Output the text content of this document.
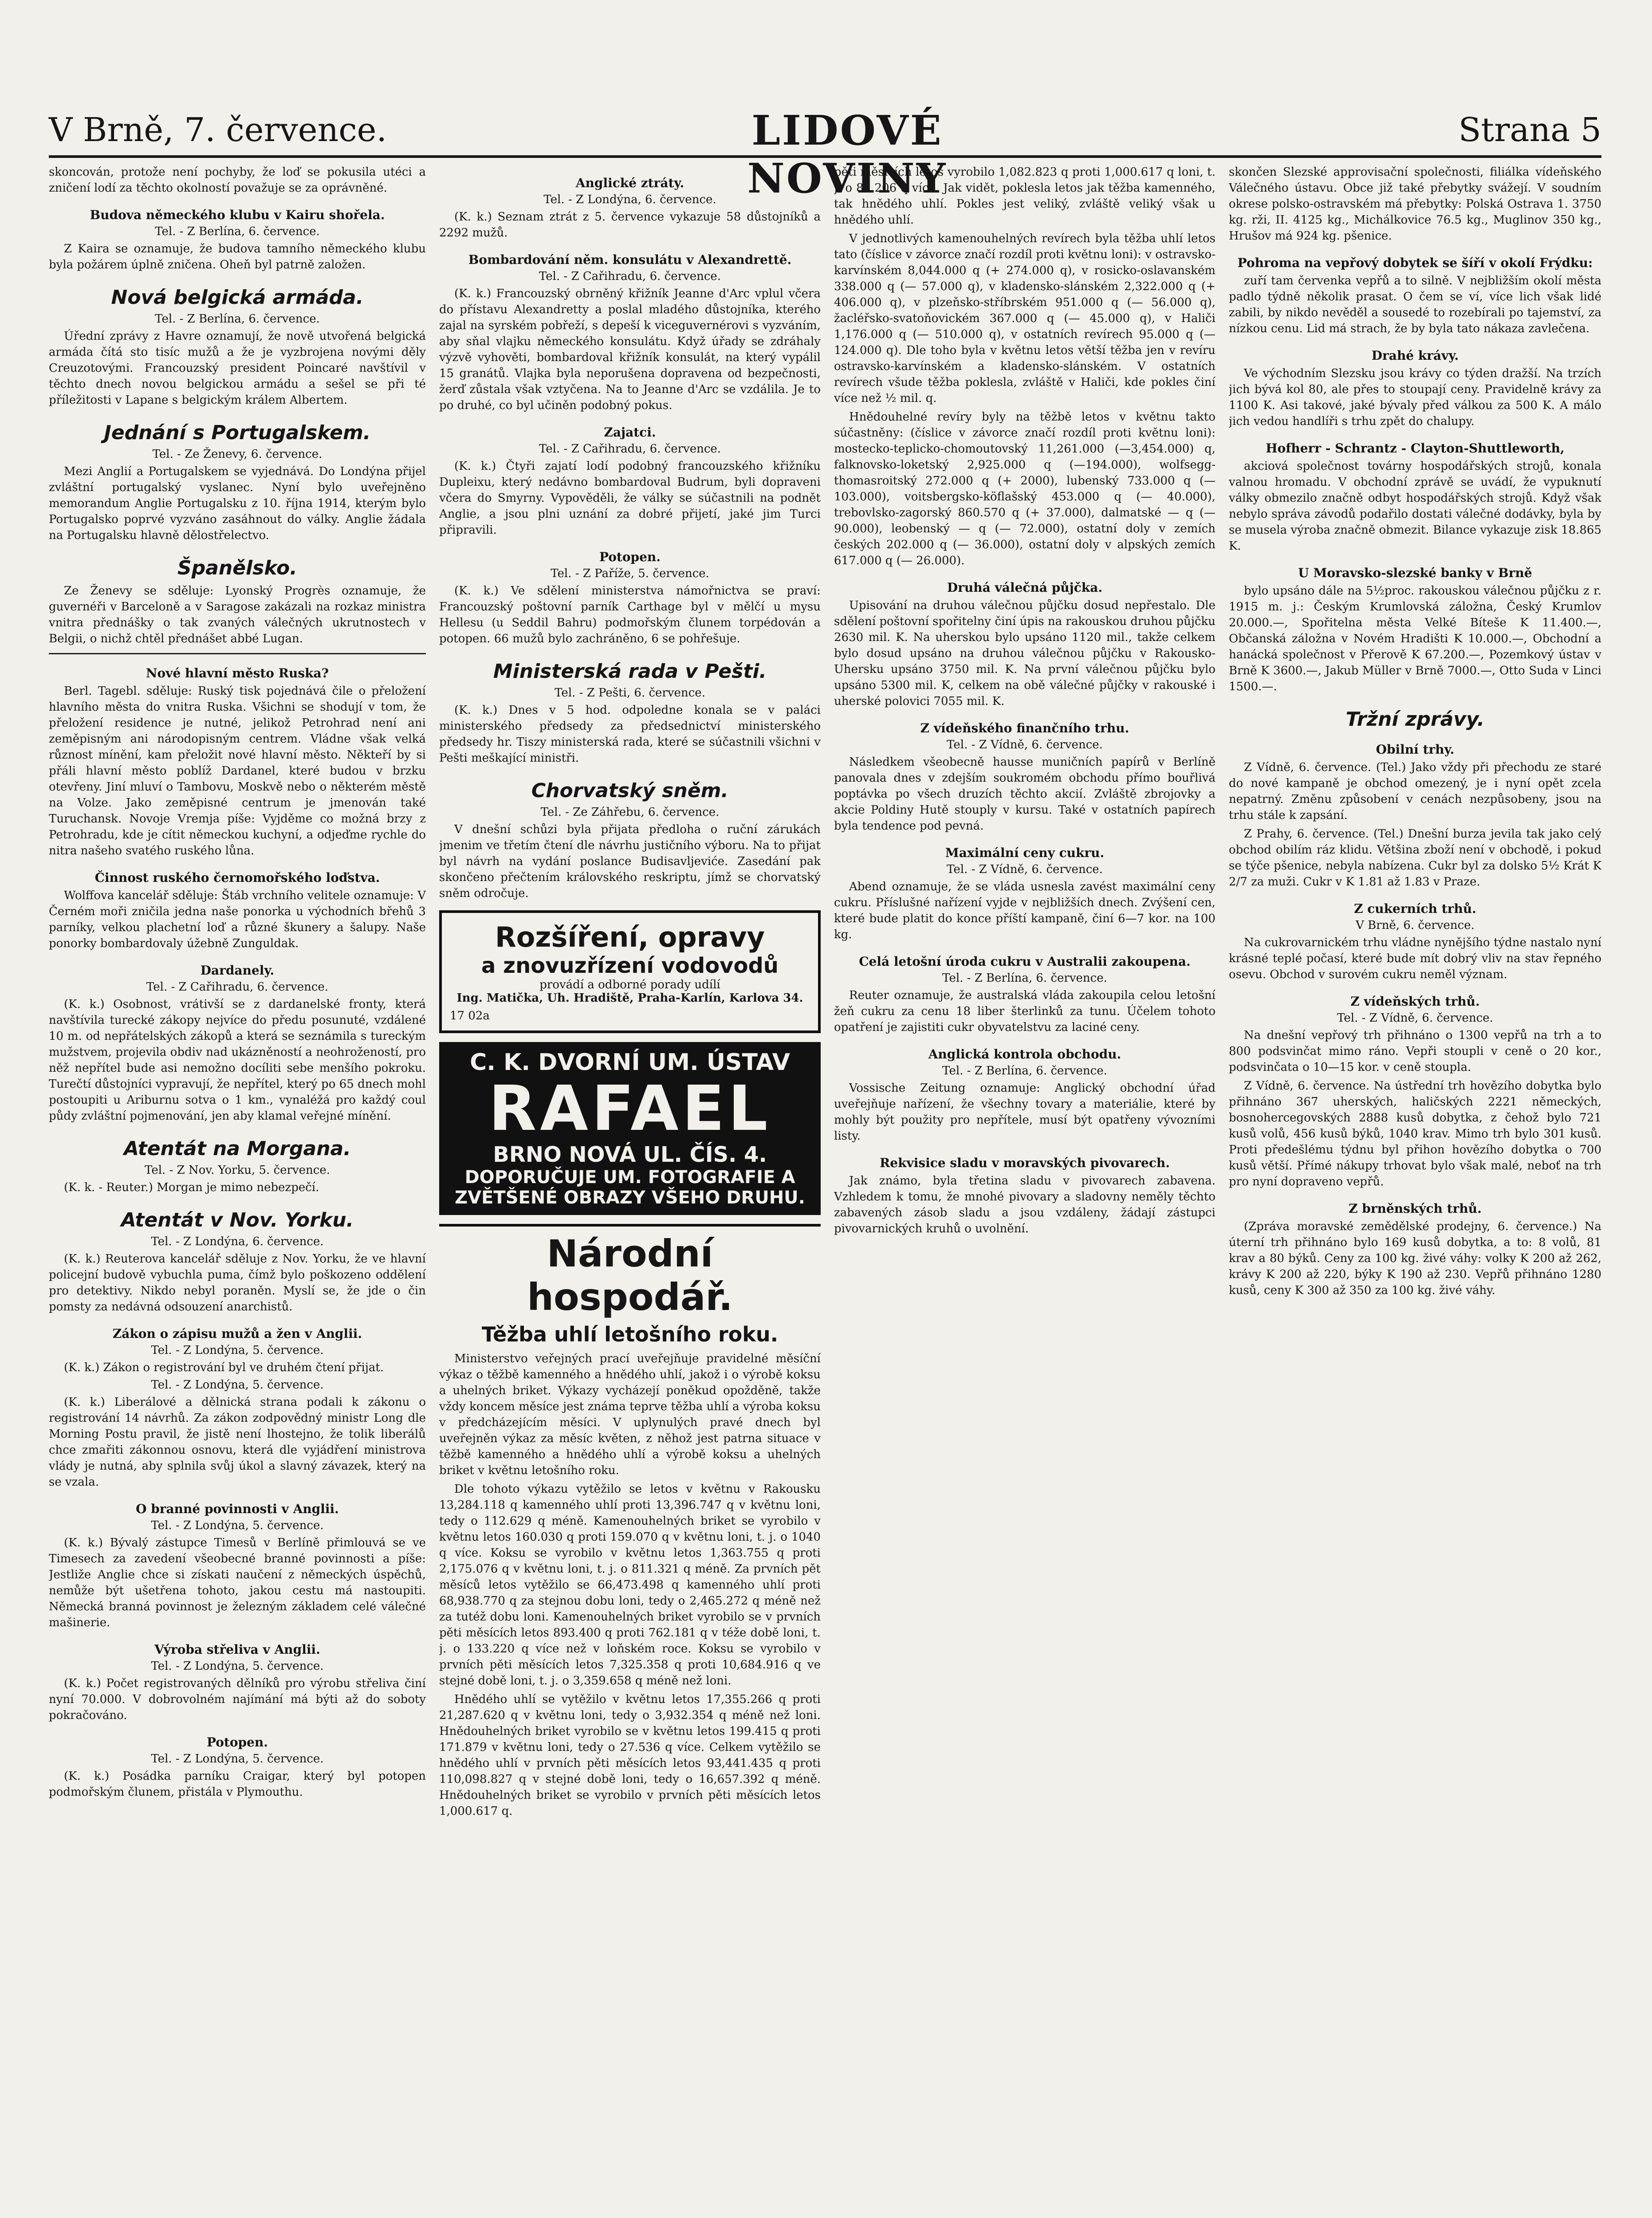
V Brně, 7. července.	LIDOVÉ NOVINY
Strana 5

skoncován, protože není pochyby, že loď se pokusila utéci a zničení lodí za těchto okolností považuje se za oprávněné.

Budova německého klubu v Kairu shořela.
Tel. - Z Berlína, 6. července.

Z Kaira se oznamuje, že budova tamního německého klubu byla požárem úplně zničena. Oheň byl patrně založen.

Nová belgická armáda.
Tel. - Z Berlína, 6. července.

Úřední zprávy z Havre oznamují, že nově utvořená belgická armáda čítá sto tisíc mužů a že je vyzbrojena novými děly Creuzotovými. Francouzský president Poincaré navštívil v těchto dnech novou belgickou armádu a sešel se při té příležitosti v Lapane s belgickým králem Albertem.

Jednání s Portugalskem.
Tel. - Ze Ženevy, 6. července.

Mezi Anglií a Portugalskem se vyjednává. Do Londýna přijel zvláštní portugalský vyslanec. Nyní bylo uveřejněno memorandum Anglie Portugalsku z 10. října 1914, kterým bylo Portugalsko poprvé vyzváno zasáhnout do války. Anglie žádala na Portugalsku hlavně dělostřelectvo.

Španělsko.

Ze Ženevy se sděluje: Lyonský Progrès oznamuje, že guvernéři v Barceloně a v Saragose zakázali na rozkaz ministra vnitra přednášky o tak zvaných válečných ukrutnostech v Belgii, o nichž chtěl přednášet abbé Lugan.

Nové hlavní město Ruska?

Berl. Tagebl. sděluje: Ruský tisk pojednává čile o přeložení hlavního města do vnitra Ruska. Všichni se shodují v tom, že přeložení residence je nutné, jelikož Petrohrad není ani zeměpisným ani národopisným centrem. Vládne však velká různost mínění, kam přeložit nové hlavní město. Někteří by si přáli hlavní město poblíž Dardanel, které budou v brzku otevřeny. Jiní mluví o Tambovu, Moskvě nebo o některém městě na Volze. Jako zeměpisné centrum je jmenován také Turuchansk. Novoje Vremja píše: Vyjděme co možná brzy z Petrohradu, kde je cítit německou kuchyní, a odjeďme rychle do nitra našeho svatého ruského lůna.

Činnost ruského černomořského loďstva.

Wolffova kancelář sděluje: Štáb vrchního velitele oznamuje: V Černém moři zničila jedna naše ponorka u východních břehů 3 parníky, velkou plachetní loď a různé škunery a šalupy. Naše ponorky bombardovaly úžebně Zunguldak.

Dardanely.
Tel. - Z Cařihradu, 6. července.

(K. k.) Osobnost, vrátivší se z dardanelské fronty, která navštívila turecké zákopy nejvíce do předu posunuté, vzdálené 10 m. od nepřátelských zákopů a která se seznámila s tureckým mužstvem, projevila obdiv nad ukázněností a neohrožeností, pro něž nepřítel bude asi nemožno docíliti sebe menšího pokroku. Turečtí důstojníci vypravují, že nepřítel, který po 65 dnech mohl postoupiti u Ariburnu sotva o 1 km., vynaléžá pro každý coul půdy zvláštní pojmenování, jen aby klamal veřejné mínění.

Atentát na Morgana.
Tel. - Z Nov. Yorku, 5. července.

(K. k. - Reuter.) Morgan je mimo nebezpečí.

Atentát v Nov. Yorku.
Tel. - Z Londýna, 6. července.

(K. k.) Reuterova kancelář sděluje z Nov. Yorku, že ve hlavní policejní budově vybuchla puma, čímž bylo poškozeno oddělení pro detektivy. Nikdo nebyl poraněn. Myslí se, že jde o čin pomsty za nedávná odsouzení anarchistů.

Zákon o zápisu mužů a žen v Anglii.
Tel. - Z Londýna, 5. července.

(K. k.) Zákon o registrování byl ve druhém čtení přijat.

Tel. - Z Londýna, 5. července.

(K. k.) Liberálové a dělnická strana podali k zákonu o registrování 14 návrhů. Za zákon zodpovědný ministr Long dle Morning Postu pravil, že jistě není lhostejno, že tolik liberálů chce zmařiti zákonnou osnovu, která dle vyjádření ministrova vlády je nutná, aby splnila svůj úkol a slavný závazek, který na se vzala.

O branné povinnosti v Anglii.
Tel. - Z Londýna, 5. července.

(K. k.) Bývalý zástupce Timesů v Berlíně přimlouvá se ve Timesech za zavedení všeobecné branné povinnosti a píše: Jestliže Anglie chce si získati naučení z německých úspěchů, nemůže být ušetřena tohoto, jakou cestu má nastoupiti. Německá branná povinnost je železným základem celé válečné mašinerie.

Výroba střeliva v Anglii.
Tel. - Z Londýna, 5. července.

(K. k.) Počet registrovaných dělníků pro výrobu střeliva činí nyní 70.000. V dobrovolném najímání má býti až do soboty pokračováno.

Potopen.
Tel. - Z Londýna, 5. července.

(K. k.) Posádka parníku Craigar, který byl potopen podmořským člunem, přistála v Plymouthu.

Anglické ztráty.
Tel. - Z Londýna, 6. července.

(K. k.) Seznam ztrát z 5. července vykazuje 58 důstojníků a 2292 mužů.

Bombardování něm. konsulátu v Alexandrettě.
Tel. - Z Cařihradu, 6. července.

(K. k.) Francouzský obrněný křižník Jeanne d'Arc vplul včera do přístavu Alexandretty a poslal mladého důstojníka, kterého zajal na syrském pobřeží, s depeší k viceguvernérovi s vyzváním, aby sňal vlajku německého konsulátu. Když úřady se zdráhaly výzvě vyhověti, bombardoval křižník konsulát, na který vypálil 15 granátů. Vlajka byla neporušena dopravena od bezpečnosti, žerď zůstala však vztyčena. Na to Jeanne d'Arc se vzdálila. Je to po druhé, co byl učiněn podobný pokus.

Zajatci.
Tel. - Z Cařihradu, 6. července.

(K. k.) Čtyři zajatí lodí podobný francouzského křižníku Dupleixu, který nedávno bombardoval Budrum, byli dopraveni včera do Smyrny. Vypověděli, že války se súčastnili na podnět Anglie, a jsou plni uznání za dobré přijetí, jaké jim Turci připravili.

Potopen.
Tel. - Z Paříže, 5. července.

(K. k.) Ve sdělení ministerstva námořnictva se praví: Francouzský poštovní parník Carthage byl v mělčí u mysu Hellesu (u Seddil Bahru) podmořským člunem torpédován a potopen. 66 mužů bylo zachráněno, 6 se pohřešuje.

Ministerská rada v Pešti.
Tel. - Z Pešti, 6. července.

(K. k.) Dnes v 5 hod. odpoledne konala se v paláci ministerského předsedy za předsednictví ministerského předsedy hr. Tiszy ministerská rada, které se súčastnili všichni v Pešti meškající ministři.

Chorvatský sněm.
Tel. - Ze Záhřebu, 6. července.

V dnešní schůzi byla přijata předloha o ruční zárukách jmenim ve třetím čtení dle návrhu justičního výboru. Na to přijat byl návrh na vydání poslance Budisavljeviće. Zasedání pak skončeno přečtením královského reskriptu, jímž se chorvatský sněm odročuje.

Rozšíření, opravy
a znovuzřízení vodovodů
provádí a odborné porady udílí
Ing. Matička, Uh. Hradiště, Praha-Karlín, Karlova 34.
17 02a
C. K. DVORNÍ UM. ÚSTAV
RAFAEL
BRNO NOVÁ UL. ČÍS. 4.
DOPORUČUJE UM. FOTOGRAFIE A ZVĚTŠENÉ OBRAZY VŠEHO DRUHU.
Národní hospodář.
Těžba uhlí letošního roku.

Ministerstvo veřejných prací uveřejňuje pravidelné měsíční výkaz o těžbě kamenného a hnědého uhlí, jakož i o výrobě koksu a uhelných briket. Výkazy vycházejí poněkud opožděně, takže vždy koncem měsíce jest známa teprve těžba uhlí a výroba koksu v předcházejícím měsíci. V uplynulých pravé dnech byl uveřejněn výkaz za měsíc květen, z něhož jest patrna situace v těžbě kamenného a hnědého uhlí a výrobě koksu a uhelných briket v květnu letošního roku.

Dle tohoto výkazu vytěžilo se letos v květnu v Rakousku 13,284.118 q kamenného uhlí proti 13,396.747 q v květnu loni, tedy o 112.629 q méně. Kamenouhelných briket se vyrobilo v květnu letos 160.030 q proti 159.070 q v květnu loni, t. j. o 1040 q více. Koksu se vyrobilo v květnu letos 1,363.755 q proti 2,175.076 q v květnu loni, t. j. o 811.321 q méně. Za prvních pět měsíců letos vytěžilo se 66,473.498 q kamenného uhlí proti 68,938.770 q za stejnou dobu loni, tedy o 2,465.272 q méně než za tutéž dobu loni. Kamenouhelných briket vyrobilo se v prvních pěti měsících letos 893.400 q proti 762.181 q v téže době loni, t. j. o 133.220 q více než v loňském roce. Koksu se vyrobilo v prvních pěti měsících letos 7,325.358 q proti 10,684.916 q ve stejné době loni, t. j. o 3,359.658 q méně než loni.

Hnědého uhlí se vytěžilo v květnu letos 17,355.266 q proti 21,287.620 q v květnu loni, tedy o 3,932.354 q méně než loni. Hnědouhelných briket vyrobilo se v květnu letos 199.415 q proti 171.879 v květnu loni, tedy o 27.536 q více. Celkem vytěžilo se hnědého uhlí v prvních pěti měsících letos 93,441.435 q proti 110,098.827 q v stejné době loni, tedy o 16,657.392 q méně. Hnědouhelných briket se vyrobilo v prvních pěti měsících letos 1,000.617 q.

pěti měsících letos vyrobilo 1,082.823 q proti 1,000.617 q loni, t. j. o 82.206 q více. Jak vidět, poklesla letos jak těžba kamenného, tak hnědého uhlí. Pokles jest veliký, zvláště veliký však u hnědého uhlí.

V jednotlivých kamenouhelných revírech byla těžba uhlí letos tato (číslice v závorce značí rozdíl proti květnu loni): v ostravsko-karvínském 8,044.000 q (+ 274.000 q), v rosicko-oslavanském 338.000 q (— 57.000 q), v kladensko-slánském 2,322.000 q (+ 406.000 q), v plzeňsko-stříbrském 951.000 q (— 56.000 q), žacléřsko-svatoňovickém 367.000 q (— 45.000 q), v Haliči 1,176.000 q (— 510.000 q), v ostatních revírech 95.000 q (— 124.000 q). Dle toho byla v květnu letos větší těžba jen v revíru ostravsko-karvínském a kladensko-slánském. V ostatních revírech všude těžba poklesla, zvláště v Haliči, kde pokles činí více než ½ mil. q.

Hnědouhelné revíry byly na těžbě letos v květnu takto súčastněny: (číslice v závorce značí rozdíl proti květnu loni): mostecko-teplicko-chomoutovský 11,261.000 (—3,454.000) q, falknovsko-loketský 2,925.000 q (—194.000), wolfsegg-thomasroitský 272.000 q (+ 2000), lubenský 733.000 q (— 103.000), voitsbergsko-köflašský 453.000 q (— 40.000), trebovlsko-zagorský 860.570 q (+ 37.000), dalmatské — q (— 90.000), leobenský — q (— 72.000), ostatní doly v zemích českých 202.000 q (— 36.000), ostatní doly v alpských zemích 617.000 q (— 26.000).

Druhá válečná půjčka.

Upisování na druhou válečnou půjčku dosud nepřestalo. Dle sdělení poštovní spořitelny činí úpis na rakouskou druhou půjčku 2630 mil. K. Na uherskou bylo upsáno 1120 mil., takže celkem bylo dosud upsáno na druhou válečnou půjčku v Rakousko-Uhersku upsáno 3750 mil. K. Na první válečnou půjčku bylo upsáno 5300 mil. K, celkem na obě válečné půjčky v rakouské i uherské polovici 7055 mil. K.

Z vídeňského finančního trhu.
Tel. - Z Vídně, 6. července.

Následkem všeobecně hausse muničních papírů v Berlíně panovala dnes v zdejším soukromém obchodu přímo bouřlivá poptávka po všech druzích těchto akcií. Zvláště zbrojovky a akcie Poldiny Hutě stouply v kursu. Také v ostatních papírech byla tendence pod pevná.

Maximální ceny cukru.
Tel. - Z Vídně, 6. července.

Abend oznamuje, že se vláda usnesla zavést maximální ceny cukru. Příslušné nařízení vyjde v nejbližších dnech. Zvýšení cen, které bude platit do konce příští kampaně, činí 6—7 kor. na 100 kg.

Celá letošní úroda cukru v Australii zakoupena.
Tel. - Z Berlína, 6. července.

Reuter oznamuje, že australská vláda zakoupila celou letošní žeň cukru za cenu 18 liber šterlinků za tunu. Účelem tohoto opatření je zajistiti cukr obyvatelstvu za laciné ceny.

Anglická kontrola obchodu.
Tel. - Z Berlína, 6. července.

Vossische Zeitung oznamuje: Anglický obchodní úřad uveřejňuje nařízení, že všechny tovary a materiálie, které by mohly být použity pro nepřítele, musí být opatřeny vývozními listy.

Rekvisice sladu v moravských pivovarech.

Jak známo, byla třetina sladu v pivovarech zabavena. Vzhledem k tomu, že mnohé pivovary a sladovny neměly těchto zabavených zásob sladu a jsou vzdáleny, žádají zástupci pivovarnických kruhů o uvolnění.

skončen Slezské approvisační společnosti, filiálka vídeňského Válečného ústavu. Obce již také přebytky svážejí. V soudním okrese polsko-ostravském má přebytky: Polská Ostrava 1. 3750 kg. rži, II. 4125 kg., Michálkovice 76.5 kg., Muglinov 350 kg., Hrušov má 924 kg. pšenice.

Pohroma na vepřový dobytek se šíří v okolí Frýdku:

zuří tam červenka vepřů a to silně. V nejbližším okolí města padlo týdně několik prasat. O čem se ví, více lich však lidé zabili, by nikdo nevěděl a sousedé to rozebírali po tajemství, za nízkou cenu. Lid má strach, že by byla tato nákaza zavlečena.

Drahé krávy.

Ve východním Slezsku jsou krávy co týden dražší. Na trzích jich bývá kol 80, ale přes to stoupají ceny. Pravidelně krávy za 1100 K. Asi takové, jaké bývaly před válkou za 500 K. A málo jich vedou handlíři s trhu zpět do chalupy.

Hofherr - Schrantz - Clayton-Shuttleworth,

akciová společnost továrny hospodářských strojů, konala valnou hromadu. V obchodní zprávě se uvádí, že vypuknutí války obmezilo značně odbyt hospodářských strojů. Když však nebylo správa závodů podařilo dostati válečné dodávky, byla by se musela výroba značně obmezit. Bilance vykazuje zisk 18.865 K.

U Moravsko-slezské banky v Brně

bylo upsáno dále na 5½proc. rakouskou válečnou půjčku z r. 1915 m. j.: Českým Krumlovská záložna, Český Krumlov 20.000.—, Spořitelna města Velké Bíteše K 11.400.—, Občanská záložna v Novém Hradišti K 10.000.—, Obchodní a hanácká společnost v Přerově K 67.200.—, Pozemkový ústav v Brně K 3600.—, Jakub Müller v Brně 7000.—, Otto Suda v Linci 1500.—.

Tržní zprávy.
Obilní trhy.

Z Vídně, 6. července. (Tel.) Jako vždy při přechodu ze staré do nové kampaně je obchod omezený, je i nyní opět zcela nepatrný. Změnu způsobení v cenách nezpůsobeny, jsou na trhu stále k zapsání.

Z Prahy, 6. července. (Tel.) Dnešní burza jevila tak jako celý obchod obilím ráz klidu. Většina zboží není v obchodě, i pokud se týče pšenice, nebyla nabízena. Cukr byl za dolsko 5½ Krát K 2/7 za muži. Cukr v K 1.81 až 1.83 v Praze.

Z cukerních trhů.
V Brně, 6. července.

Na cukrovarnickém trhu vládne nynějšího týdne nastalo nyní krásné teplé počasí, které bude mít dobrý vliv na stav řepného osevu. Obchod v surovém cukru neměl význam.

Z vídeňských trhů.
Tel. - Z Vídně, 6. července.

Na dnešní vepřový trh přihnáno o 1300 vepřů na trh a to 800 podsvinčat mimo ráno. Vepři stoupli v ceně o 20 kor., podsvinčata o 10—15 kor. v ceně stoupla.

Z Vídně, 6. července. Na ústřední trh hovězího dobytka bylo přihnáno 367 uherských, haličských 2221 německých, bosnohercegovských 2888 kusů dobytka, z čehož bylo 721 kusů volů, 456 kusů býků, 1040 krav. Mimo trh bylo 301 kusů. Proti předešlému týdnu byl přihon hovězího dobytka o 700 kusů větší. Přímé nákupy trhovat bylo však malé, neboť na trh pro nyní dopraveno vepřů.

Z brněnských trhů.

(Zpráva moravské zemědělské prodejny, 6. července.) Na úterní trh přihnáno bylo 169 kusů dobytka, a to: 8 volů, 81 krav a 80 býků. Ceny za 100 kg. živé váhy: volky K 200 až 262, krávy K 200 až 220, býky K 190 až 230. Vepřů přihnáno 1280 kusů, ceny K 300 až 350 za 100 kg. živé váhy.
